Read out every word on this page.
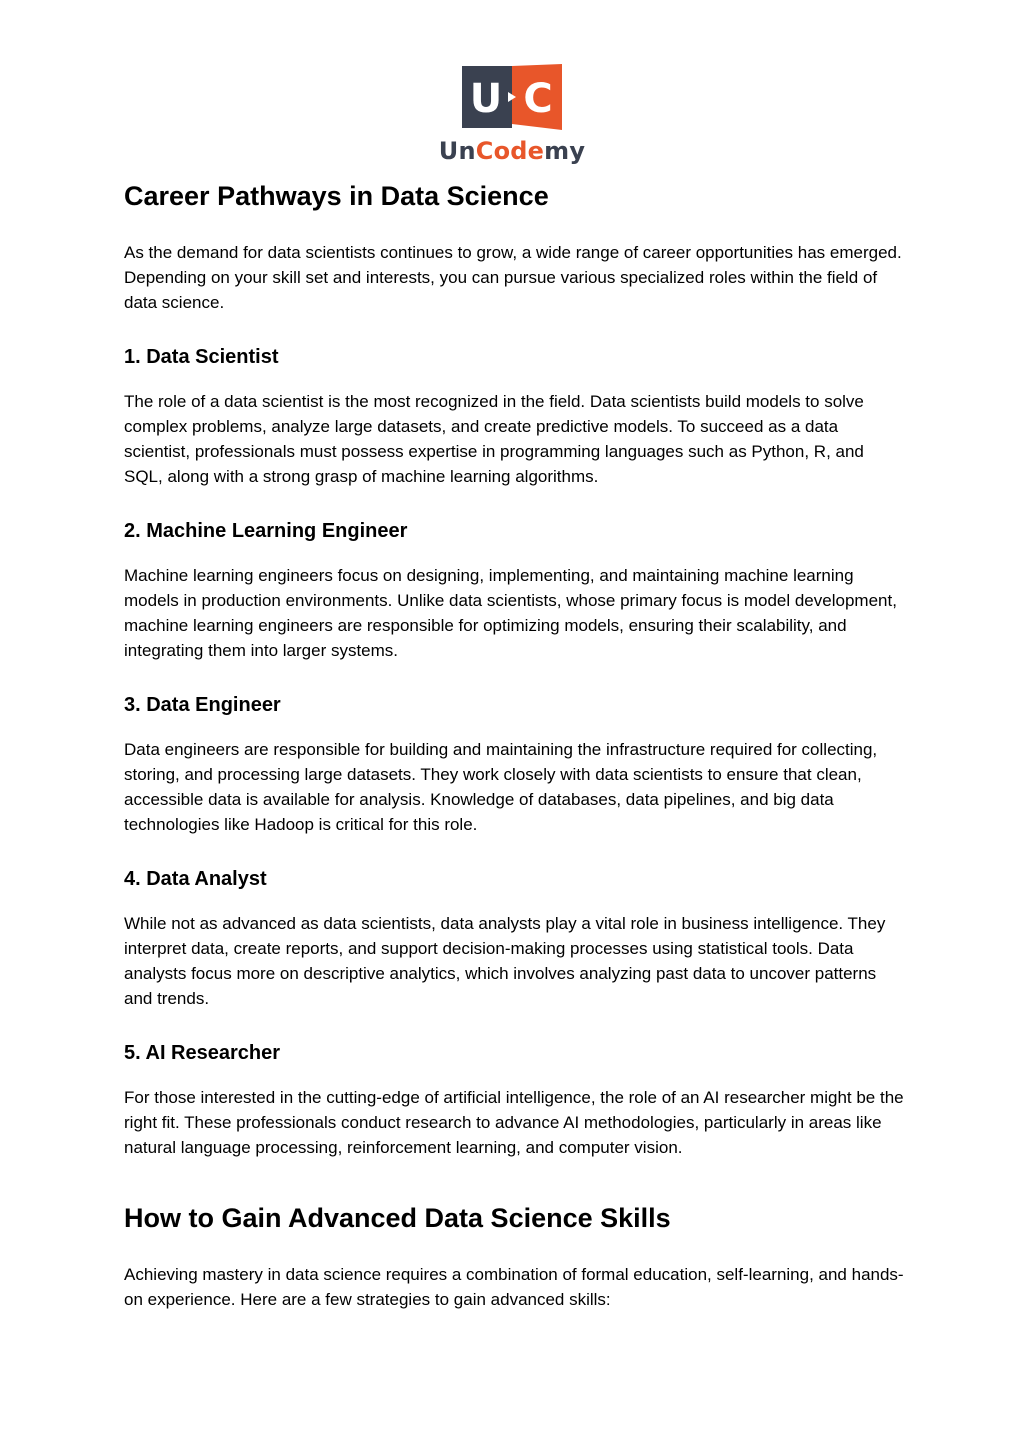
U C
UnCodemy
Career Pathways in Data Science

As the demand for data scientists continues to grow, a wide range of career opportunities has emerged. Depending on your skill set and interests, you can pursue various specialized roles within the field of data science.

1. Data Scientist

The role of a data scientist is the most recognized in the field. Data scientists build models to solve complex problems, analyze large datasets, and create predictive models. To succeed as a data scientist, professionals must possess expertise in programming languages such as Python, R, and SQL, along with a strong grasp of machine learning algorithms.

2. Machine Learning Engineer

Machine learning engineers focus on designing, implementing, and maintaining machine learning models in production environments. Unlike data scientists, whose primary focus is model development, machine learning engineers are responsible for optimizing models, ensuring their scalability, and integrating them into larger systems.

3. Data Engineer

Data engineers are responsible for building and maintaining the infrastructure required for collecting, storing, and processing large datasets. They work closely with data scientists to ensure that clean, accessible data is available for analysis. Knowledge of databases, data pipelines, and big data technologies like Hadoop is critical for this role.

4. Data Analyst

While not as advanced as data scientists, data analysts play a vital role in business intelligence. They interpret data, create reports, and support decision-making processes using statistical tools. Data analysts focus more on descriptive analytics, which involves analyzing past data to uncover patterns and trends.

5. AI Researcher

For those interested in the cutting-edge of artificial intelligence, the role of an AI researcher might be the right fit. These professionals conduct research to advance AI methodologies, particularly in areas like natural language processing, reinforcement learning, and computer vision.

How to Gain Advanced Data Science Skills

Achieving mastery in data science requires a combination of formal education, self-learning, and hands-on experience. Here are a few strategies to gain advanced skills:
